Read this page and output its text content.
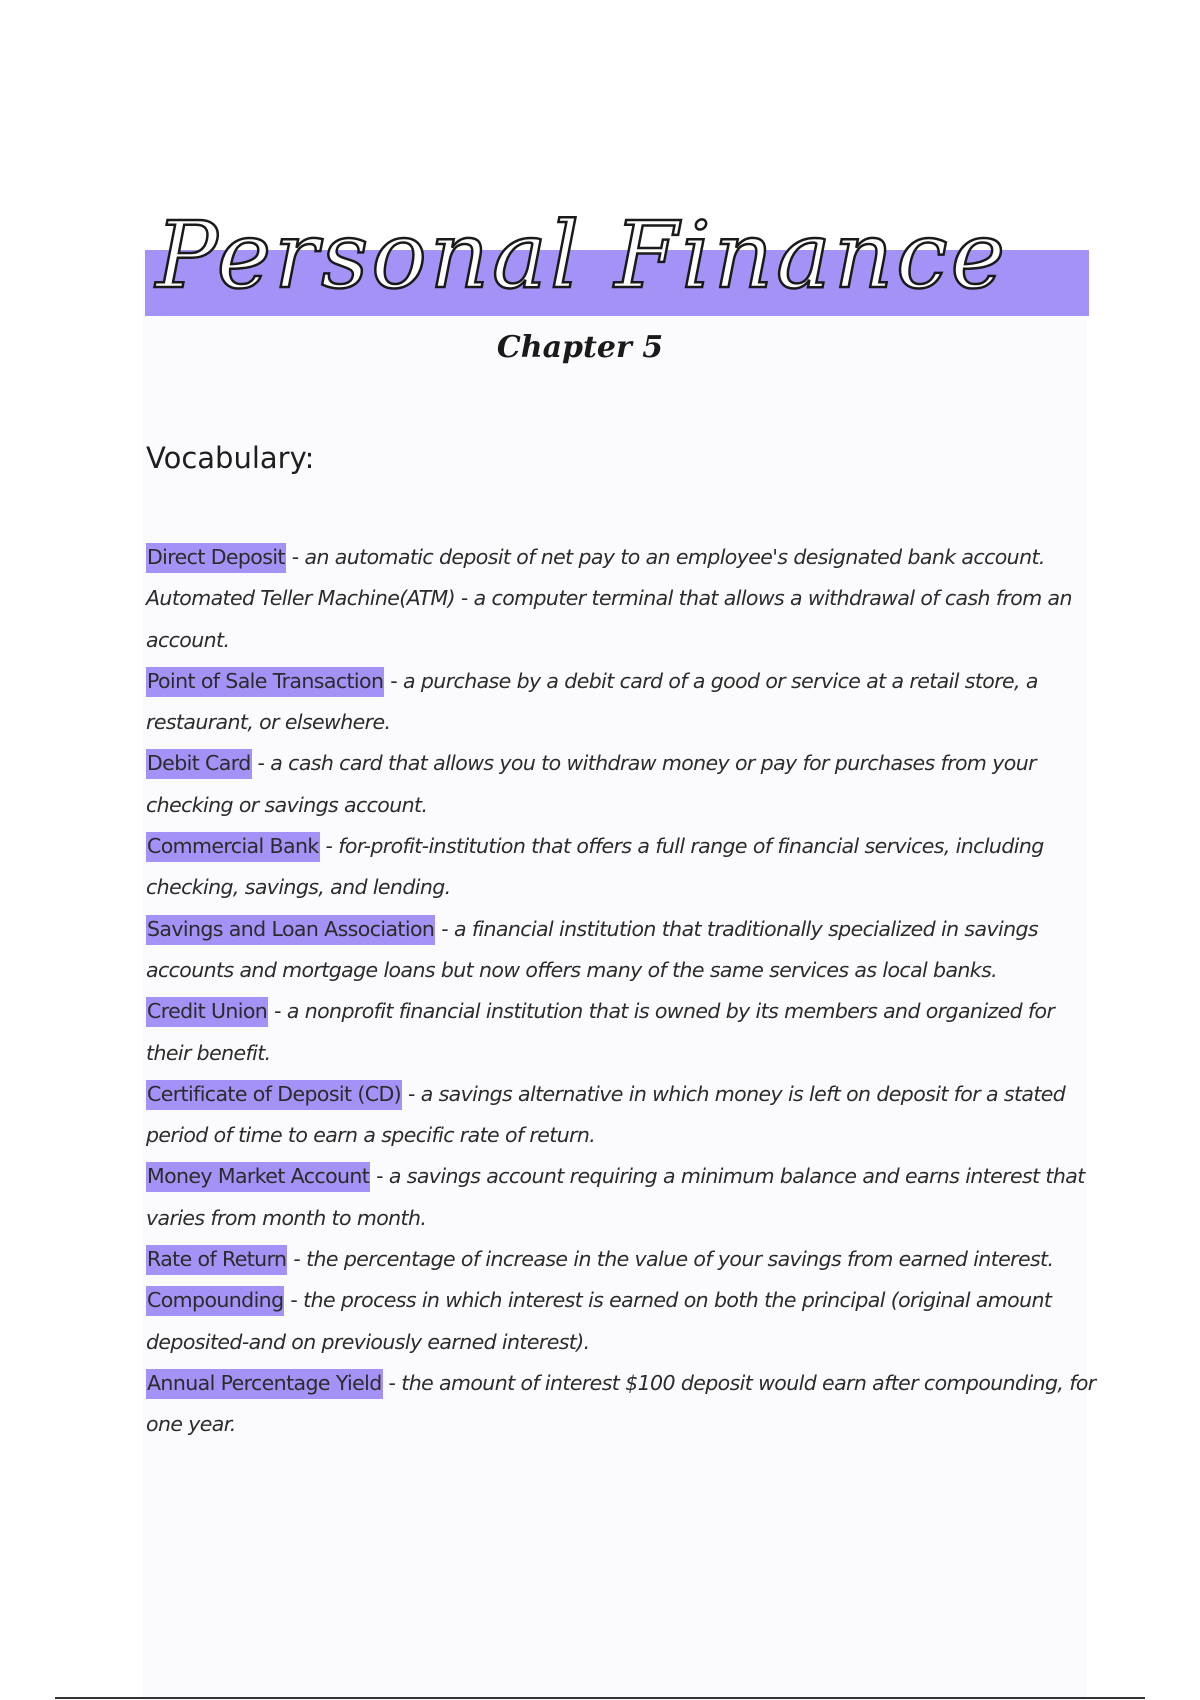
Personal Finance
Chapter 5
Vocabulary:
Direct Deposit - an automatic deposit of net pay to an employee's designated bank account.
Automated Teller Machine(ATM) - a computer terminal that allows a withdrawal of cash from an account.
Point of Sale Transaction - a purchase by a debit card of a good or service at a retail store, a restaurant, or elsewhere.
Debit Card - a cash card that allows you to withdraw money or pay for purchases from your checking or savings account.
Commercial Bank - for-profit-institution that offers a full range of financial services, including checking, savings, and lending.
Savings and Loan Association - a financial institution that traditionally specialized in savings accounts and mortgage loans but now offers many of the same services as local banks.
Credit Union - a nonprofit financial institution that is owned by its members and organized for their benefit.
Certificate of Deposit (CD) - a savings alternative in which money is left on deposit for a stated period of time to earn a specific rate of return.
Money Market Account - a savings account requiring a minimum balance and earns interest that varies from month to month.
Rate of Return - the percentage of increase in the value of your savings from earned interest.
Compounding - the process in which interest is earned on both the principal (original amount deposited-and on previously earned interest).
Annual Percentage Yield - the amount of interest $100 deposit would earn after compounding, for one year.
